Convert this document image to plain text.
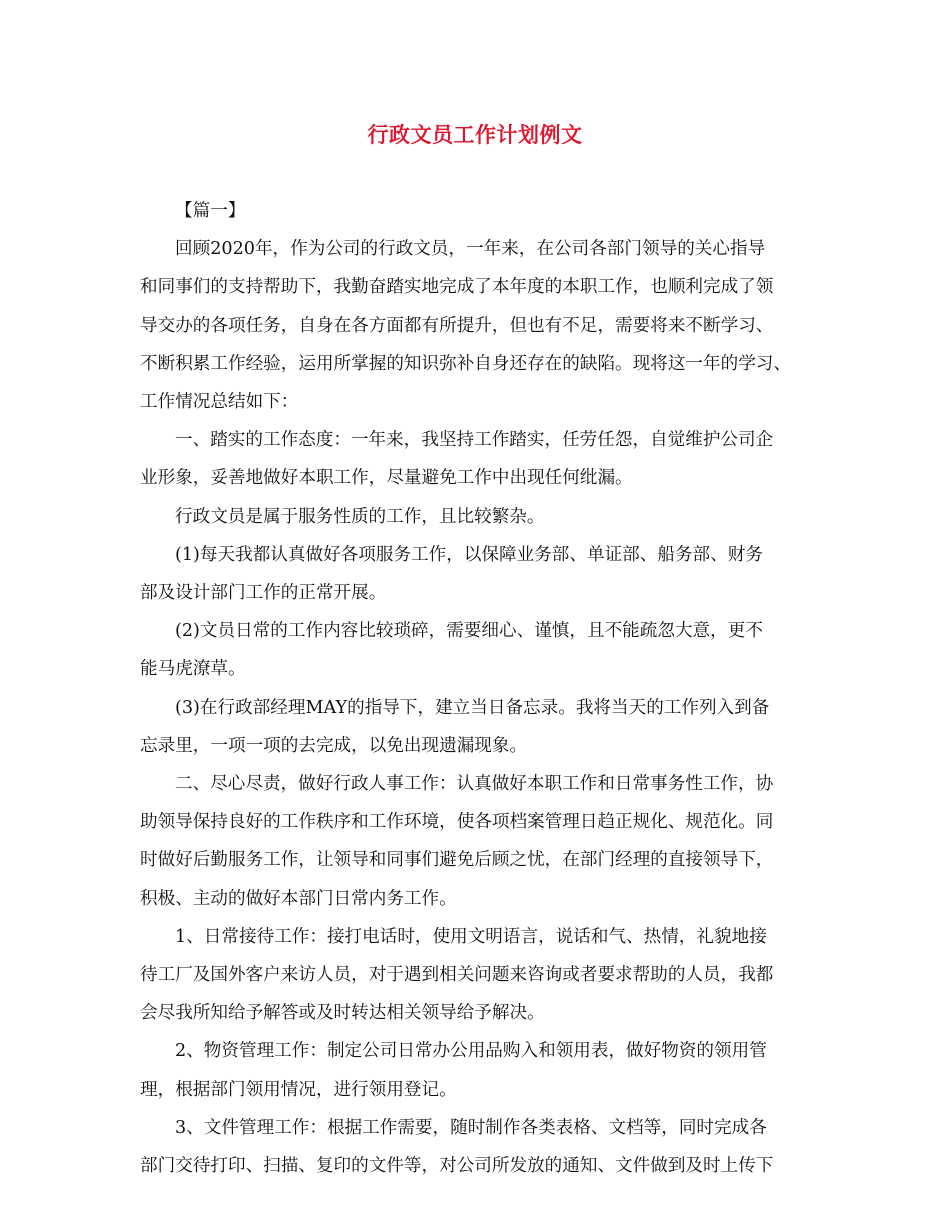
行政文员工作计划例文

【篇一】

回顾2020年，作为公司的行政文员，一年来，在公司各部门领导的关心指导

和同事们的支持帮助下，我勤奋踏实地完成了本年度的本职工作，也顺利完成了领

导交办的各项任务，自身在各方面都有所提升，但也有不足，需要将来不断学习、

不断积累工作经验，运用所掌握的知识弥补自身还存在的缺陷。现将这一年的学习、

工作情况总结如下：

一、踏实的工作态度：一年来，我坚持工作踏实，任劳任怨，自觉维护公司企

业形象，妥善地做好本职工作，尽量避免工作中出现任何纰漏。

行政文员是属于服务性质的工作，且比较繁杂。

(1)每天我都认真做好各项服务工作，以保障业务部、单证部、船务部、财务

部及设计部门工作的正常开展。

(2)文员日常的工作内容比较琐碎，需要细心、谨慎，且不能疏忽大意，更不

能马虎潦草。

(3)在行政部经理MAY的指导下，建立当日备忘录。我将当天的工作列入到备

忘录里，一项一项的去完成，以免出现遗漏现象。

二、尽心尽责，做好行政人事工作：认真做好本职工作和日常事务性工作，协

助领导保持良好的工作秩序和工作环境，使各项档案管理日趋正规化、规范化。同

时做好后勤服务工作，让领导和同事们避免后顾之忧，在部门经理的直接领导下，

积极、主动的做好本部门日常内务工作。

1、日常接待工作：接打电话时，使用文明语言，说话和气、热情，礼貌地接

待工厂及国外客户来访人员，对于遇到相关问题来咨询或者要求帮助的人员，我都

会尽我所知给予解答或及时转达相关领导给予解决。

2、物资管理工作：制定公司日常办公用品购入和领用表，做好物资的领用管

理，根据部门领用情况，进行领用登记。

3、文件管理工作：根据工作需要，随时制作各类表格、文档等，同时完成各

部门交待打印、扫描、复印的文件等，对公司所发放的通知、文件做到及时上传下
